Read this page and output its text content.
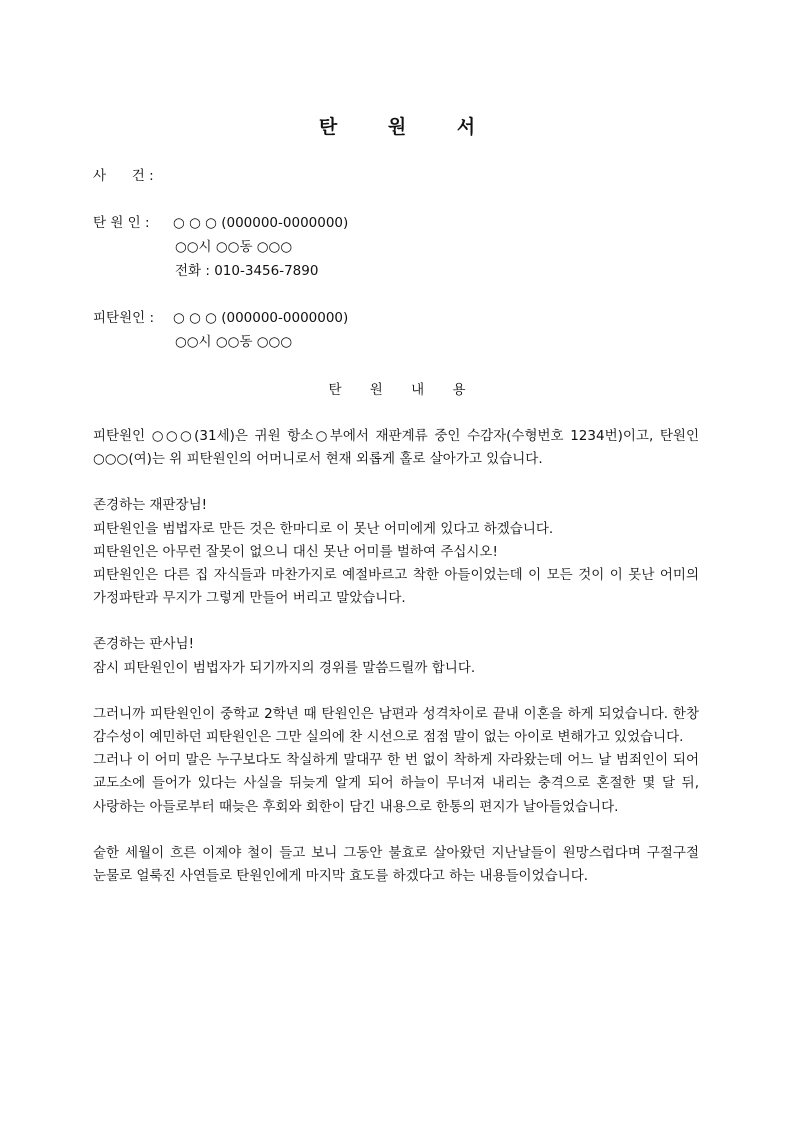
탄 원 서
사      건 :
탄 원 인 : ○ ○ ○ (000000-0000000)
○○시 ○○동 ○○○
전화 : 010-3456-7890
피탄원인 : ○ ○ ○ (000000-0000000)
○○시 ○○동 ○○○
탄 원 내 용

피탄원인 ○○○(31세)은 귀원 항소○부에서 재판계류 중인 수감자(수형번호 1234번)이고, 탄원인 ○○○(여)는 위 피탄원인의 어머니로서 현재 외롭게 홀로 살아가고 있습니다.

존경하는 재판장님!

피탄원인을 범법자로 만든 것은 한마디로 이 못난 어미에게 있다고 하겠습니다.

피탄원인은 아무런 잘못이 없으니 대신 못난 어미를 벌하여 주십시오!

피탄원인은 다른 집 자식들과 마찬가지로 예절바르고 착한 아들이었는데 이 모든 것이 이 못난 어미의 가정파탄과 무지가 그렇게 만들어 버리고 말았습니다.

존경하는 판사님!

잠시 피탄원인이 범법자가 되기까지의 경위를 말씀드릴까 합니다.

그러니까 피탄원인이 중학교 2학년 때 탄원인은 남편과 성격차이로 끝내 이혼을 하게 되었습니다. 한창 감수성이 예민하던 피탄원인은 그만 실의에 찬 시선으로 점점 말이 없는 아이로 변해가고 있었습니다.

그러나 이 어미 말은 누구보다도 착실하게 말대꾸 한 번 없이 착하게 자라왔는데 어느 날 범죄인이 되어 교도소에 들어가 있다는 사실을 뒤늦게 알게 되어 하늘이 무너져 내리는 충격으로 혼절한 몇 달 뒤, 사랑하는 아들로부터 때늦은 후회와 회한이 담긴 내용으로 한통의 편지가 날아들었습니다.

숱한 세월이 흐른 이제야 철이 들고 보니 그동안 불효로 살아왔던 지난날들이 원망스럽다며 구절구절 눈물로 얼룩진 사연들로 탄원인에게 마지막 효도를 하겠다고 하는 내용들이었습니다.
